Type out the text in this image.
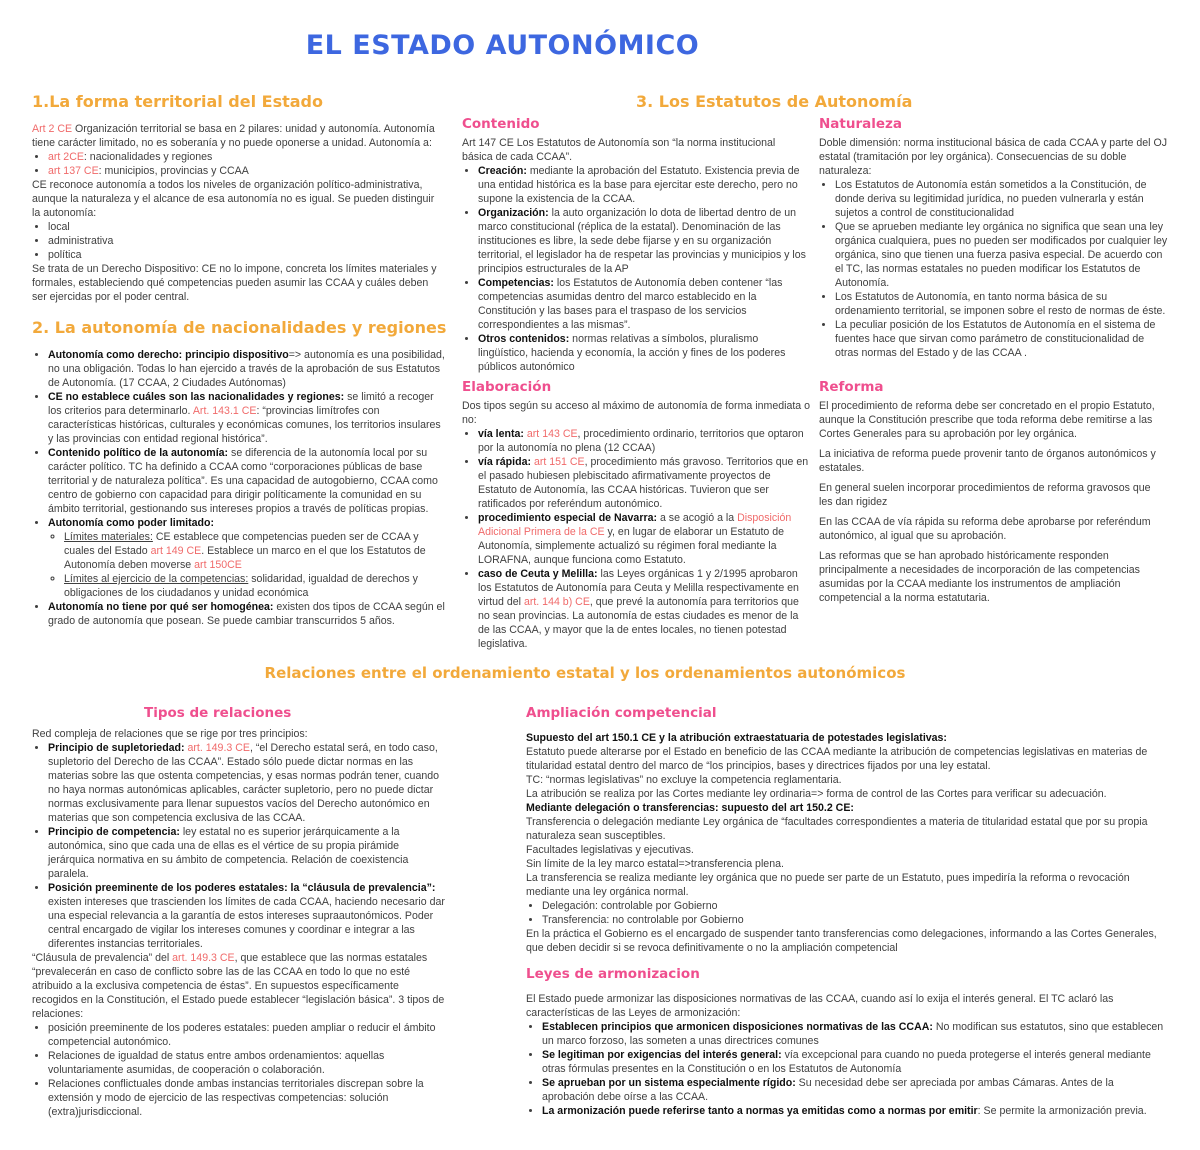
EL ESTADO AUTONÓMICO
1.La forma territorial del Estado

Art 2 CE Organización territorial se basa en 2 pilares: unidad y autonomía. Autonomía tiene carácter limitado, no es soberanía y no puede oponerse a unidad. Autonomía a:

• art 2CE: nacionalidades y regiones
• art 137 CE: municipios, provincias y CCAA

CE reconoce autonomía a todos los niveles de organización político-administrativa, aunque la naturaleza y el alcance de esa autonomía no es igual. Se pueden distinguir la autonomía:

• local
• administrativa
• política

Se trata de un Derecho Dispositivo: CE no lo impone, concreta los límites materiales y formales, estableciendo qué competencias pueden asumir las CCAA y cuáles deben ser ejercidas por el poder central.

2. La autonomía de nacionalidades y regiones
• Autonomía como derecho: principio dispositivo=> autonomía es una posibilidad, no una obligación. Todas lo han ejercido a través de la aprobación de sus Estatutos de Autonomía. (17 CCAA, 2 Ciudades Autónomas)
• CE no establece cuáles son las nacionalidades y regiones: se limitó a recoger los criterios para determinarlo. Art. 143.1 CE: “provincias limítrofes con características históricas, culturales y económicas comunes, los territorios insulares y las provincias con entidad regional histórica”.
• Contenido político de la autonomía: se diferencia de la autonomía local por su carácter político. TC ha definido a CCAA como “corporaciones públicas de base territorial y de naturaleza política”. Es una capacidad de autogobierno, CCAA como centro de gobierno con capacidad para dirigir políticamente la comunidad en su ámbito territorial, gestionando sus intereses propios a través de políticas propias.
• Autonomía como poder limitado:
◦ Límites materiales: CE establece que competencias pueden ser de CCAA y cuales del Estado art 149 CE. Establece un marco en el que los Estatutos de Autonomía deben moverse art 150CE
◦ Límites al ejercicio de la competencias: solidaridad, igualdad de derechos y obligaciones de los ciudadanos y unidad económica
• Autonomía no tiene por qué ser homogénea: existen dos tipos de CCAA según el grado de autonomía que posean. Se puede cambiar transcurridos 5 años.
3. Los Estatutos de Autonomía
Contenido

Art 147 CE Los Estatutos de Autonomía son “la norma institucional básica de cada CCAA”.

• Creación: mediante la aprobación del Estatuto. Existencia previa de una entidad histórica es la base para ejercitar este derecho, pero no supone la existencia de la CCAA.
• Organización: la auto organización lo dota de libertad dentro de un marco constitucional (réplica de la estatal). Denominación de las instituciones es libre, la sede debe fijarse y en su organización territorial, el legislador ha de respetar las provincias y municipios y los principios estructurales de la AP
• Competencias: los Estatutos de Autonomía deben contener “las competencias asumidas dentro del marco establecido en la Constitución y las bases para el traspaso de los servicios correspondientes a las mismas”.
• Otros contenidos: normas relativas a símbolos, pluralismo lingüístico, hacienda y economía, la acción y fines de los poderes públicos autonómico
Elaboración

Dos tipos según su acceso al máximo de autonomía de forma inmediata o no:

• vía lenta: art 143 CE, procedimiento ordinario, territorios que optaron por la autonomía no plena (12 CCAA)
• vía rápida: art 151 CE, procedimiento más gravoso. Territorios que en el pasado hubiesen plebiscitado afirmativamente proyectos de Estatuto de Autonomía, las CCAA históricas. Tuvieron que ser ratificados por referéndum autonómico.
• procedimiento especial de Navarra: a se acogió a la Disposición Adicional Primera de la CE y, en lugar de elaborar un Estatuto de Autonomía, simplemente actualizó su régimen foral mediante la LORAFNA, aunque funciona como Estatuto.
• caso de Ceuta y Melilla: las Leyes orgánicas 1 y 2/1995 aprobaron los Estatutos de Autonomía para Ceuta y Melilla respectivamente en virtud del art. 144 b) CE, que prevé la autonomía para territorios que no sean provincias. La autonomía de estas ciudades es menor de la de las CCAA, y mayor que la de entes locales, no tienen potestad legislativa.
Naturaleza

Doble dimensión: norma institucional básica de cada CCAA y parte del OJ estatal (tramitación por ley orgánica). Consecuencias de su doble naturaleza:

• Los Estatutos de Autonomía están sometidos a la Constitución, de donde deriva su legitimidad jurídica, no pueden vulnerarla y están sujetos a control de constitucionalidad
• Que se aprueben mediante ley orgánica no significa que sean una ley orgánica cualquiera, pues no pueden ser modificados por cualquier ley orgánica, sino que tienen una fuerza pasiva especial. De acuerdo con el TC, las normas estatales no pueden modificar los Estatutos de Autonomía.
• Los Estatutos de Autonomía, en tanto norma básica de su ordenamiento territorial, se imponen sobre el resto de normas de éste.
• La peculiar posición de los Estatutos de Autonomía en el sistema de fuentes hace que sirvan como parámetro de constitucionalidad de otras normas del Estado y de las CCAA .
Reforma

El procedimiento de reforma debe ser concretado en el propio Estatuto, aunque la Constitución prescribe que toda reforma debe remitirse a las Cortes Generales para su aprobación por ley orgánica.

La iniciativa de reforma puede provenir tanto de órganos autonómicos y estatales.

En general suelen incorporar procedimientos de reforma gravosos que les dan rigidez

En las CCAA de vía rápida su reforma debe aprobarse por referéndum autonómico, al igual que su aprobación.

Las reformas que se han aprobado históricamente responden principalmente a necesidades de incorporación de las competencias asumidas por la CCAA mediante los instrumentos de ampliación competencial a la norma estatutaria.

Relaciones entre el ordenamiento estatal y los ordenamientos autonómicos
Tipos de relaciones

Red compleja de relaciones que se rige por tres principios:

• Principio de supletoriedad: art. 149.3 CE, “el Derecho estatal será, en todo caso, supletorio del Derecho de las CCAA”. Estado sólo puede dictar normas en las materias sobre las que ostenta competencias, y esas normas podrán tener, cuando no haya normas autonómicas aplicables, carácter supletorio, pero no puede dictar normas exclusivamente para llenar supuestos vacíos del Derecho autonómico en materias que son competencia exclusiva de las CCAA.
• Principio de competencia: ley estatal no es superior jerárquicamente a la autonómica, sino que cada una de ellas es el vértice de su propia pirámide jerárquica normativa en su ámbito de competencia. Relación de coexistencia paralela.
• Posición preeminente de los poderes estatales: la “cláusula de prevalencia”: existen intereses que trascienden los límites de cada CCAA, haciendo necesario dar una especial relevancia a la garantía de estos intereses supraautonómicos. Poder central encargado de vigilar los intereses comunes y coordinar e integrar a las diferentes instancias territoriales.

“Cláusula de prevalencia” del art. 149.3 CE, que establece que las normas estatales “prevalecerán en caso de conflicto sobre las de las CCAA en todo lo que no esté atribuido a la exclusiva competencia de éstas”. En supuestos específicamente recogidos en la Constitución, el Estado puede establecer “legislación básica”. 3 tipos de relaciones:

• posición preeminente de los poderes estatales: pueden ampliar o reducir el ámbito competencial autonómico.
• Relaciones de igualdad de status entre ambos ordenamientos: aquellas voluntariamente asumidas, de cooperación o colaboración.
• Relaciones conflictuales donde ambas instancias territoriales discrepan sobre la extensión y modo de ejercicio de las respectivas competencias: solución (extra)jurisdiccional.
Ampliación competencial

Supuesto del art 150.1 CE y la atribución extraestatuaria de potestades legislativas:

Estatuto puede alterarse por el Estado en beneficio de las CCAA mediante la atribución de competencias legislativas en materias de titularidad estatal dentro del marco de “los principios, bases y directrices fijados por una ley estatal.

TC: “normas legislativas” no excluye la competencia reglamentaria.

La atribución se realiza por las Cortes mediante ley ordinaria=> forma de control de las Cortes para verificar su adecuación.

Mediante delegación o transferencias: supuesto del art 150.2 CE:

Transferencia o delegación mediante Ley orgánica de “facultades correspondientes a materia de titularidad estatal que por su propia naturaleza sean susceptibles.

Facultades legislativas y ejecutivas.

Sin límite de la ley marco estatal=>transferencia plena.

La transferencia se realiza mediante ley orgánica que no puede ser parte de un Estatuto, pues impediría la reforma o revocación mediante una ley orgánica normal.

• Delegación: controlable por Gobierno
• Transferencia: no controlable por Gobierno

En la práctica el Gobierno es el encargado de suspender tanto transferencias como delegaciones, informando a las Cortes Generales, que deben decidir si se revoca definitivamente o no la ampliación competencial

Leyes de armonizacion

El Estado puede armonizar las disposiciones normativas de las CCAA, cuando así lo exija el interés general. El TC aclaró las características de las Leyes de armonización:

• Establecen principios que armonicen disposiciones normativas de las CCAA: No modifican sus estatutos, sino que establecen un marco forzoso, las someten a unas directrices comunes
• Se legitiman por exigencias del interés general: vía excepcional para cuando no pueda protegerse el interés general mediante otras fórmulas presentes en la Constitución o en los Estatutos de Autonomía
• Se aprueban por un sistema especialmente rígido: Su necesidad debe ser apreciada por ambas Cámaras. Antes de la aprobación debe oírse a las CCAA.
• La armonización puede referirse tanto a normas ya emitidas como a normas por emitir: Se permite la armonización previa.
